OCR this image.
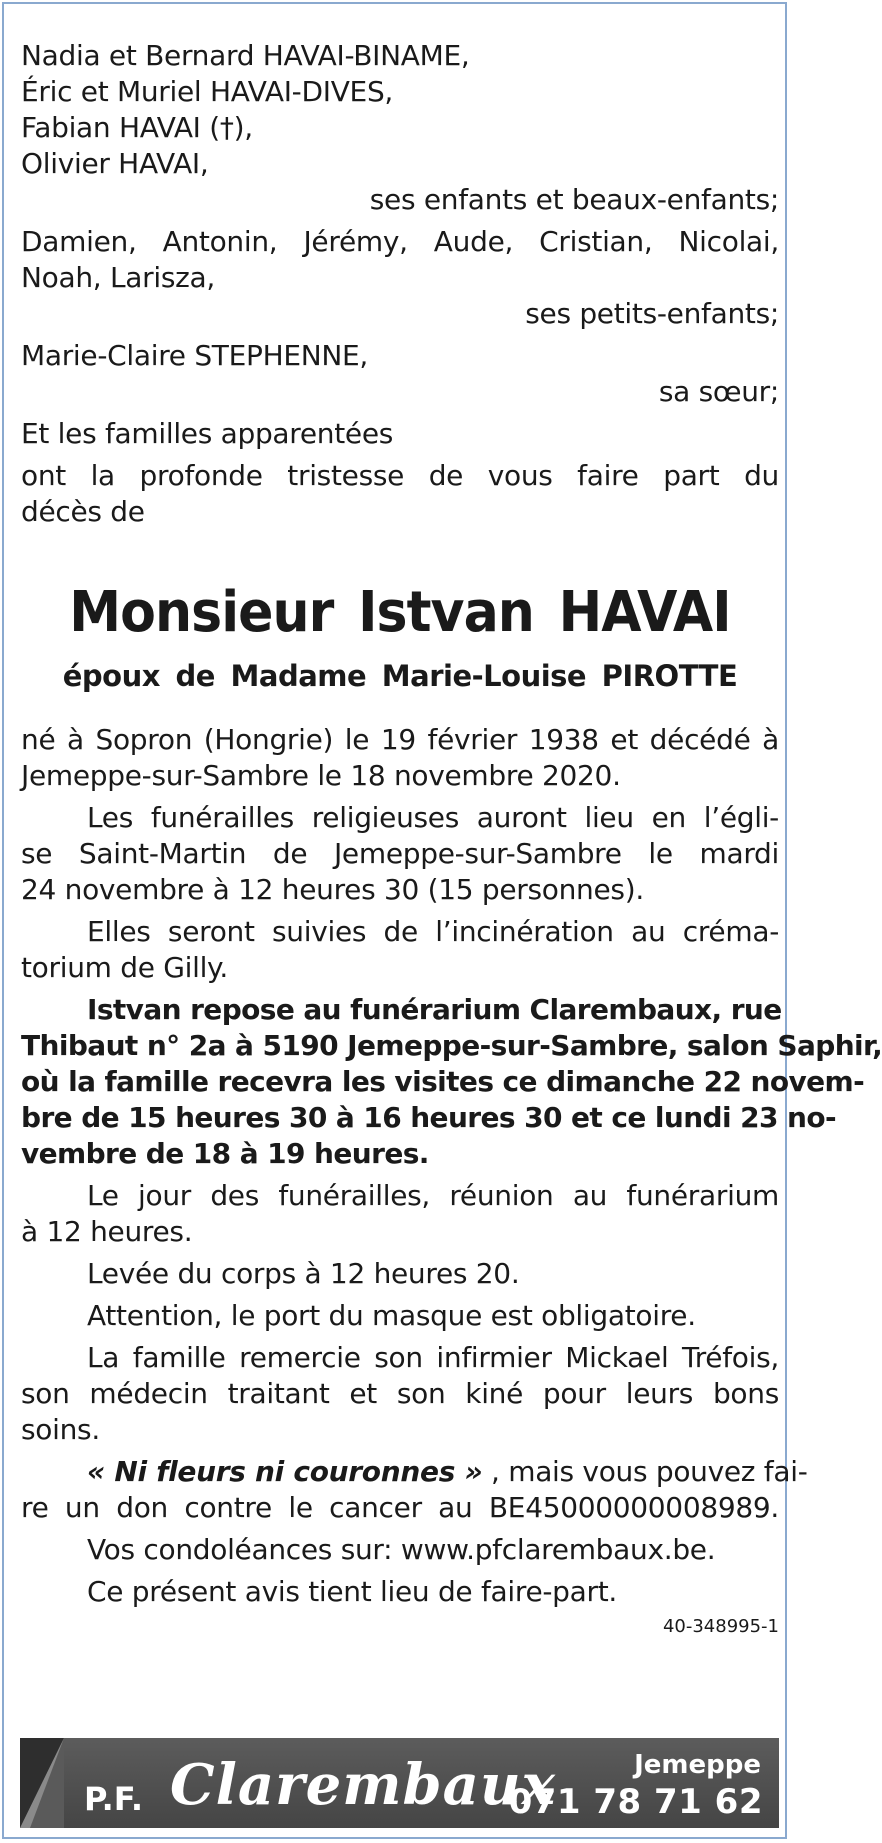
Nadia et Bernard HAVAI-BINAME,
Éric et Muriel HAVAI-DIVES,
Fabian HAVAI (†),
Olivier HAVAI,
ses enfants et beaux-enfants;
Damien, Antonin, Jérémy, Aude, Cristian, Nicolai,
Noah, Larisza,
ses petits-enfants;
Marie-Claire STEPHENNE,
sa sœur;
Et les familles apparentées
ont la profonde tristesse de vous faire part du
décès de
Monsieur Istvan HAVAI
époux de Madame Marie-Louise PIROTTE
né à Sopron (Hongrie) le 19 février 1938 et décédé à
Jemeppe-sur-Sambre le 18 novembre 2020.
Les funérailles religieuses auront lieu en l’égli-
se Saint-Martin de Jemeppe-sur-Sambre le mardi
24 novembre à 12 heures 30 (15 personnes).
Elles seront suivies de l’incinération au créma-
torium de Gilly.
Istvan repose au funérarium Clarembaux, rue
Thibaut n° 2a à 5190 Jemeppe-sur-Sambre, salon Saphir,
où la famille recevra les visites ce dimanche 22 novem-
bre de 15 heures 30 à 16 heures 30 et ce lundi 23 no-
vembre de 18 à 19 heures.
Le jour des funérailles, réunion au funérarium
à 12 heures.
Levée du corps à 12 heures 20.
Attention, le port du masque est obligatoire.
La famille remercie son infirmier Mickael Tréfois,
son médecin traitant et son kiné pour leurs bons
soins.
« Ni fleurs ni couronnes » , mais vous pouvez fai-
re un don contre le cancer au BE45000000008989.
Vos condoléances sur: www.pfclarembaux.be.
Ce présent avis tient lieu de faire-part.
40-348995-1
P.F. Clarembaux	Jemeppe
071 78 71 62
